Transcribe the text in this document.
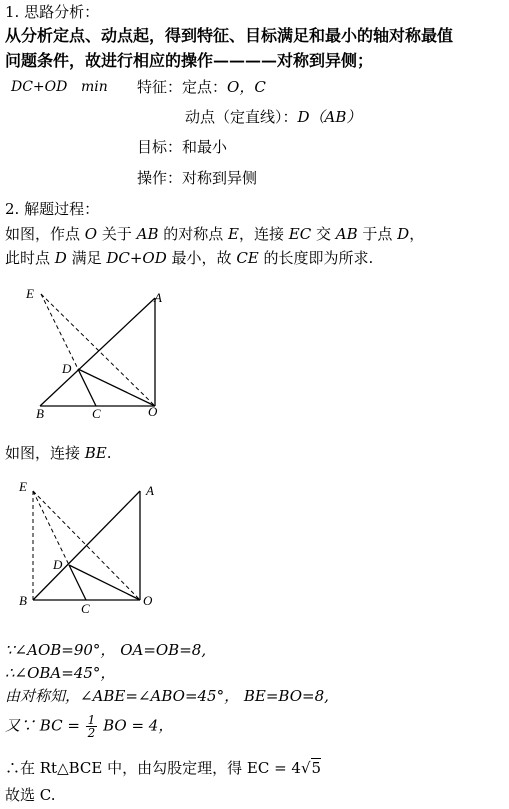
1. 思路分析：
从分析定点、动点起，得到特征、目标满足和最小的轴对称最值
问题条件，故进行相应的操作————对称到异侧；
DC+OD min 特征：定点：O，C
动点（定直线）：D（AB）
目标：和最小
操作：对称到异侧
2. 解题过程：
如图，作点 O 关于 AB 的对称点 E，连接 EC 交 AB 于点 D，
此时点 D 满足 DC+OD 最小，故 CE 的长度即为所求.
E	A
D
B	C	O
如图，连接 BE.
E	A
D
B
C
O
∵∠AOB=90°， OA=OB=8,
∴∠OBA=45°，
由对称知，∠ABE=∠ABO=45°， BE=BO=8,
又∵ BC = $\frac{1}{2}$ BO = 4，
∴在 Rt△BCE 中，由勾股定理，得 EC = 4√5
故选 C.
